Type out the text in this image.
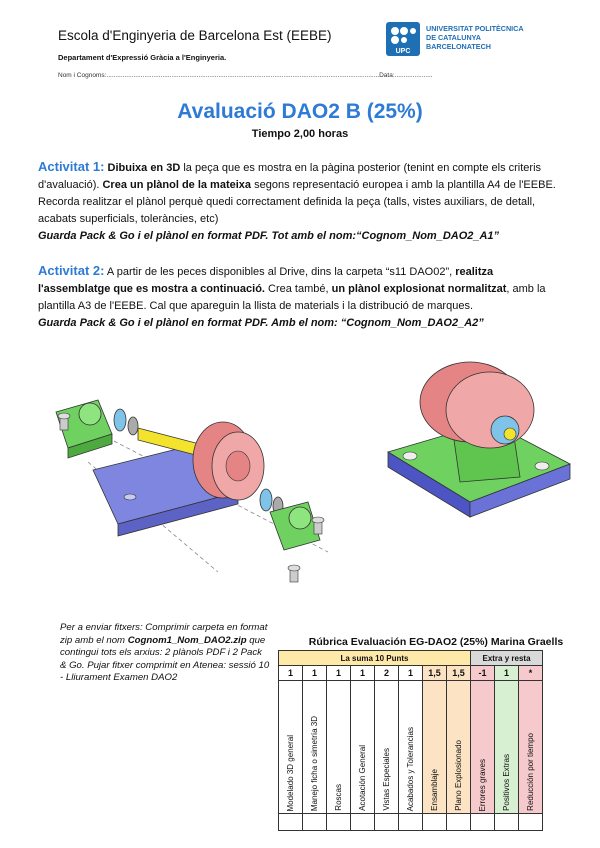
Escola d'Enginyeria de Barcelona Est (EEBE)
Departament d'Expressió Gràcia a l'Enginyeria.
Nom i Cognoms:.......................................................................................................................................................Data:.....................
UPC
UNIVERSITAT POLITÈCNICA
DE CATALUNYA
BARCELONATECH
Avaluació DAO2 B (25%)
Tiempo 2,00 horas
Activitat 1: Dibuixa en 3D la peça que es mostra en la pàgina posterior (tenint en compte els criteris d'avaluació). Crea un plànol de la mateixa segons representació europea i amb la plantilla A4 de l'EEBE. Recorda realitzar el plànol perquè quedi correctament definida la peça (talls, vistes auxiliars, de detall, acabats superficials, toleràncies, etc)
Guarda Pack & Go i el plànol en format PDF. Tot amb el nom:“Cognom_Nom_DAO2_A1”
Activitat 2: A partir de les peces disponibles al Drive, dins la carpeta “s11 DAO02”, realitza l'assemblatge que es mostra a continuació. Crea també, un plànol explosionat normalitzat, amb la plantilla A3 de l'EEBE. Cal que apareguin la llista de materials i la distribució de marques.
Guarda Pack & Go i el plànol en format PDF. Amb el nom: “Cognom_Nom_DAO2_A2”
Per a enviar fitxers: Comprimir carpeta en format zip amb el nom Cognom1_Nom_DAO2.zip que contingui tots els arxius: 2 plànols PDF i 2 Pack & Go. Pujar fitxer comprimit en Atenea: sessió 10 - Lliurament Examen DAO2
Rúbrica Evaluación EG-DAO2 (25%) Marina Graells
La suma 10 Punts								Extra y resta		
1	1	1	1	2	1	1,5	1,5	-1	1	*
Modelado 3D general	Manejo ficha o simetría 3D	Roscas	Acotación General	Vistas Especiales	Acabados y Tolerancias	Ensamblaje	Plano Explosionado	Errores graves	Positivos Extras	Reducción por tiempo
